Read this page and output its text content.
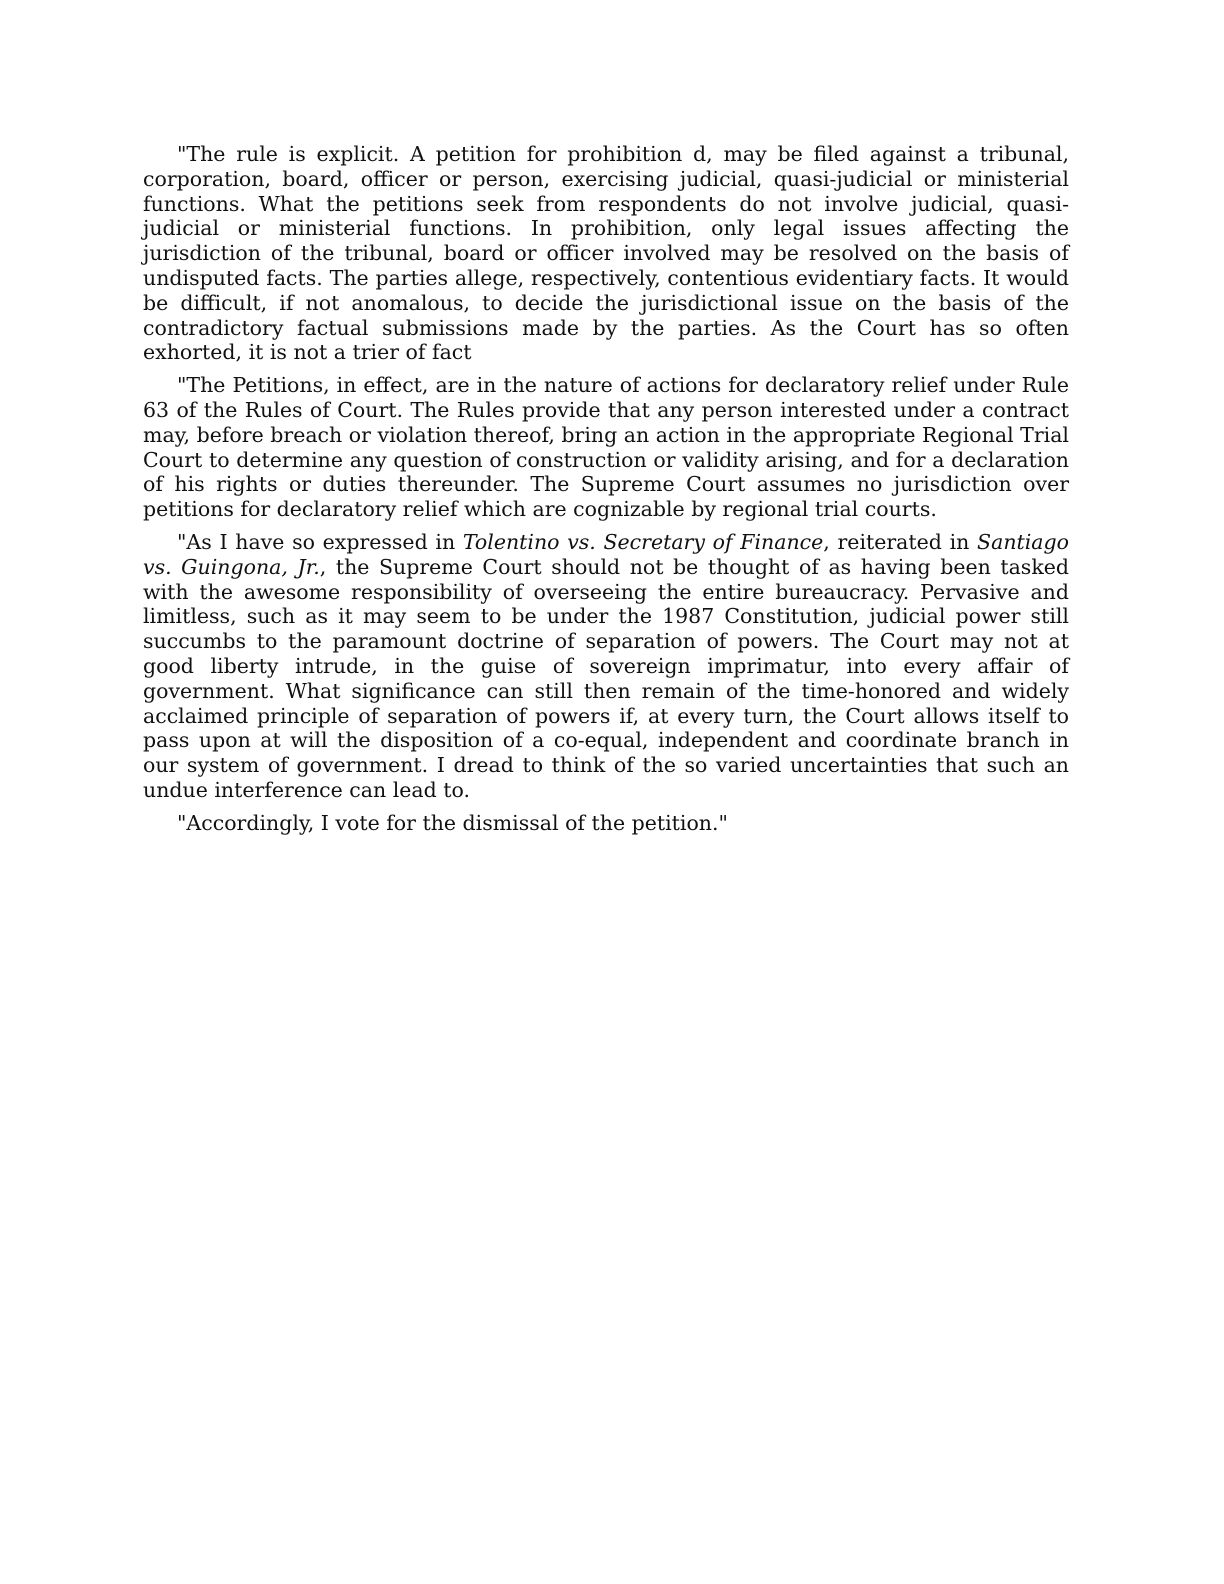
"The rule is explicit. A petition for prohibition d, may be filed against a tribunal, corporation, board, officer or person, exercising judicial, quasi-judicial or ministerial functions. What the petitions seek from respondents do not involve judicial, quasi-judicial or ministerial functions. In prohibition, only legal issues affecting the jurisdiction of the tribunal, board or officer involved may be resolved on the basis of undisputed facts. The parties allege, respectively, contentious evidentiary facts. It would be difficult, if not anomalous, to decide the jurisdictional issue on the basis of the contradictory factual submissions made by the parties. As the Court has so often exhorted, it is not a trier of fact

"The Petitions, in effect, are in the nature of actions for declaratory relief under Rule 63 of the Rules of Court. The Rules provide that any person interested under a contract may, before breach or violation thereof, bring an action in the appropriate Regional Trial Court to determine any question of construction or validity arising, and for a declaration of his rights or duties thereunder. The Supreme Court assumes no jurisdiction over petitions for declaratory relief which are cognizable by regional trial courts.

"As I have so expressed in Tolentino vs. Secretary of Finance, reiterated in Santiago vs. Guingona, Jr., the Supreme Court should not be thought of as having been tasked with the awesome responsibility of overseeing the entire bureaucracy. Pervasive and limitless, such as it may seem to be under the 1987 Constitution, judicial power still succumbs to the paramount doctrine of separation of powers. The Court may not at good liberty intrude, in the guise of sovereign imprimatur, into every affair of government. What significance can still then remain of the time-honored and widely acclaimed principle of separation of powers if, at every turn, the Court allows itself to pass upon at will the disposition of a co-equal, independent and coordinate branch in our system of government. I dread to think of the so varied uncertainties that such an undue interference can lead to.

"Accordingly, I vote for the dismissal of the petition."
